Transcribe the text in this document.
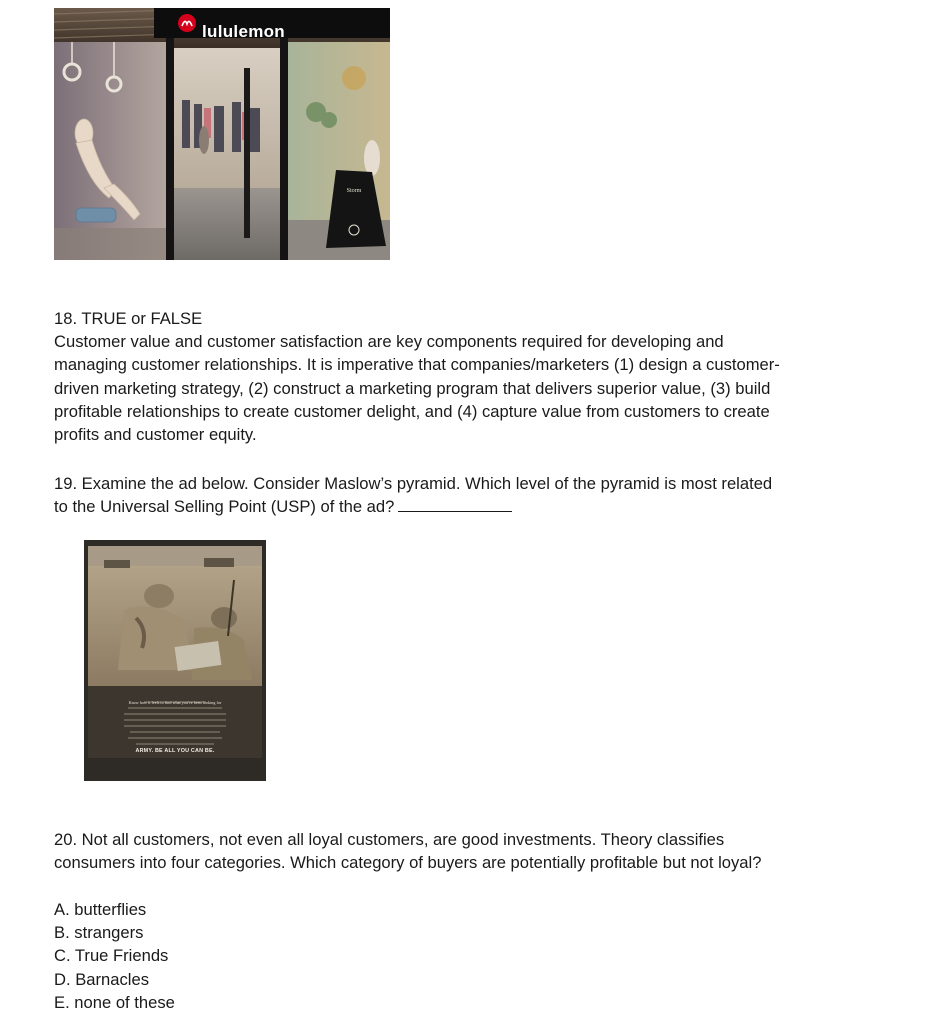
Storm
lululemon
18. TRUE or FALSE
Customer value and customer satisfaction are key components required for developing and
managing customer relationships. It is imperative that companies/marketers (1) design a customer-
driven marketing strategy, (2) construct a marketing program that delivers superior value, (3) build
profitable relationships to create customer delight, and (4) capture value from customers to create
profits and customer equity.
19. Examine the ad below. Consider Maslow’s pyramid. Which level of the pyramid is most related
to the Universal Selling Point (USP) of the ad?
Know how it feels to find what you've been looking for
ARMY. BE ALL YOU CAN BE.
20. Not all customers, not even all loyal customers, are good investments. Theory classifies
consumers into four categories. Which category of buyers are potentially profitable but not loyal?
A. butterflies
B. strangers
C. True Friends
D. Barnacles
E. none of these
